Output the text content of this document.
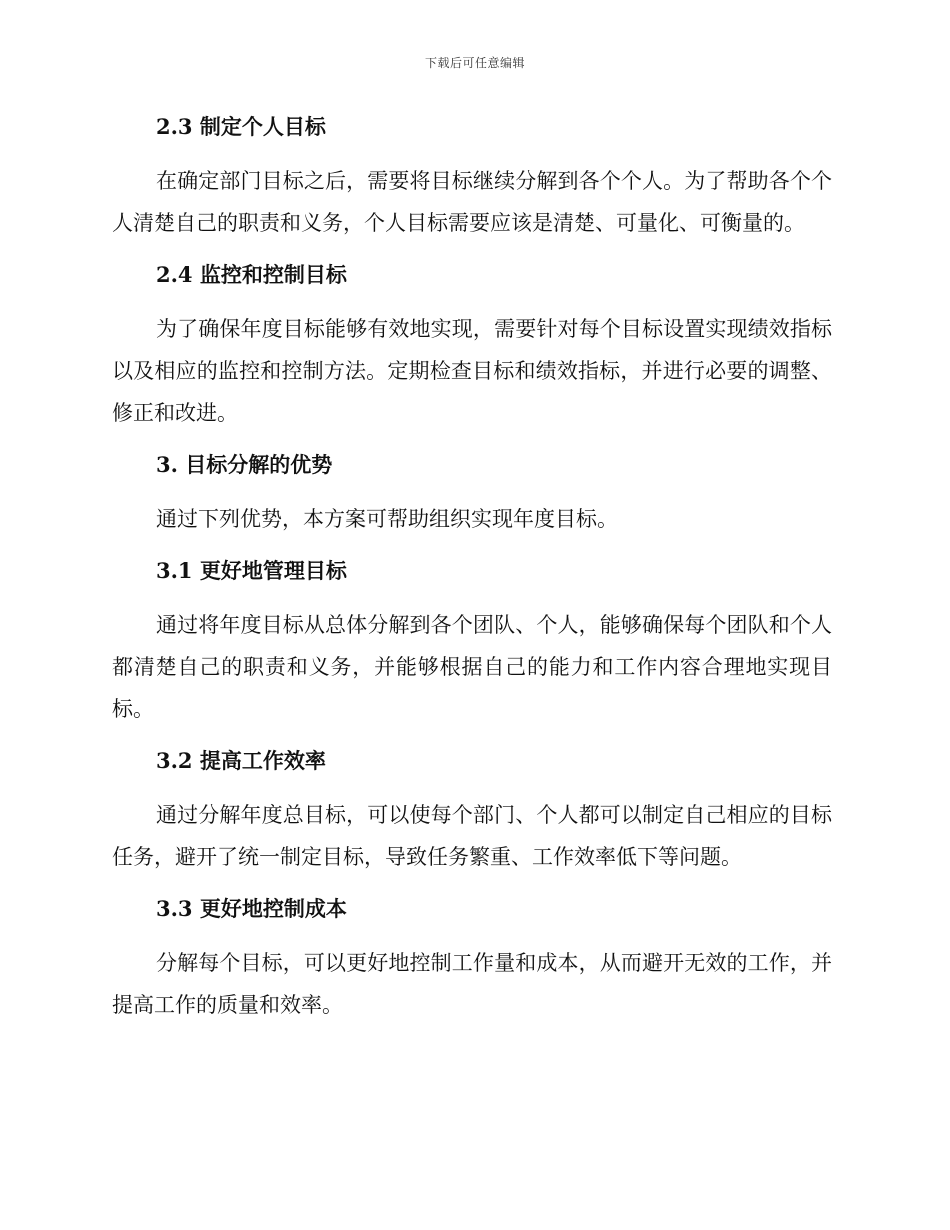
下载后可任意编辑
2.3 制定个人目标

在确定部门目标之后，需要将目标继续分解到各个个人。为了帮助各个个人清楚自己的职责和义务，个人目标需要应该是清楚、可量化、可衡量的。

2.4 监控和控制目标

为了确保年度目标能够有效地实现，需要针对每个目标设置实现绩效指标以及相应的监控和控制方法。定期检查目标和绩效指标，并进行必要的调整、修正和改进。

3. 目标分解的优势

通过下列优势，本方案可帮助组织实现年度目标。

3.1 更好地管理目标

通过将年度目标从总体分解到各个团队、个人，能够确保每个团队和个人都清楚自己的职责和义务，并能够根据自己的能力和工作内容合理地实现目标。

3.2 提高工作效率

通过分解年度总目标，可以使每个部门、个人都可以制定自己相应的目标任务，避开了统一制定目标，导致任务繁重、工作效率低下等问题。

3.3 更好地控制成本

分解每个目标，可以更好地控制工作量和成本，从而避开无效的工作，并提高工作的质量和效率。
